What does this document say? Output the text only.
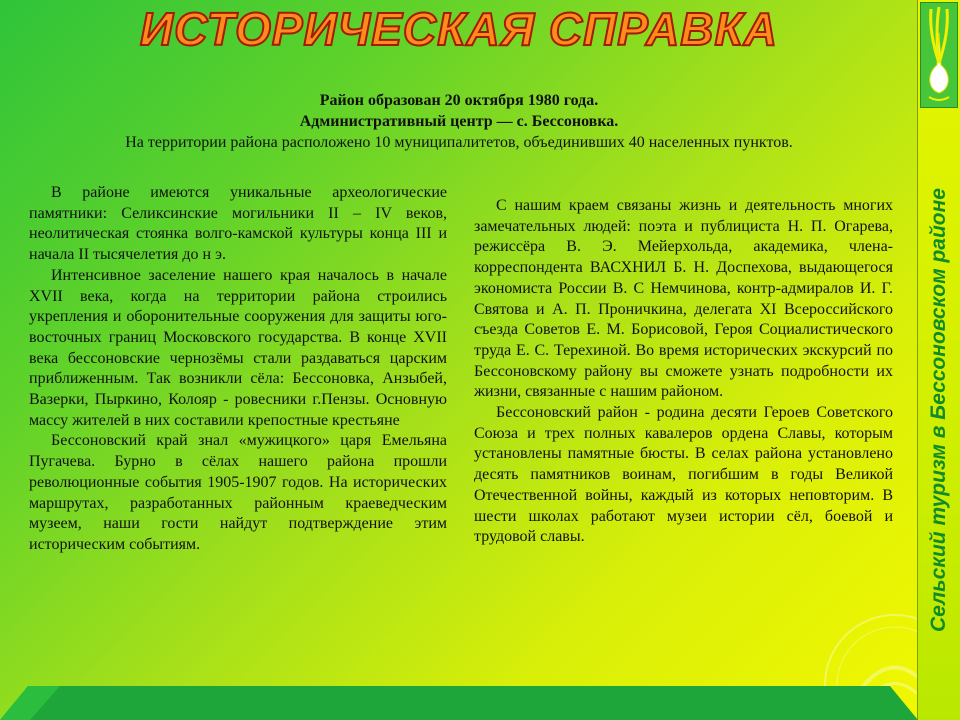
ИСТОРИЧЕСКАЯ СПРАВКА
Район образован 20 октября 1980 года.
Административный центр — с. Бессоновка.
На территории района расположено 10 муниципалитетов, объединивших 40 населенных пунктов.

В районе имеются уникальные археологические памятники: Селиксинские могильники II – IV веков, неолитическая стоянка волго-камской культуры конца III и начала II тысячелетия до н э.

Интенсивное заселение нашего края началось в начале XVII века, когда на территории района строились укрепления и оборонительные сооружения для защиты юго-восточных границ Московского государства. В конце XVII века бессоновские чернозёмы стали раздаваться царским приближенным. Так возникли сёла: Бессоновка, Анзыбей, Вазерки, Пыркино, Колояр - ровесники г.Пензы. Основную массу жителей в них составили крепостные крестьяне

Бессоновский край знал «мужицкого» царя Емельяна Пугачева. Бурно в сёлах нашего района прошли революционные события 1905-1907 годов. На исторических маршрутах, разработанных районным краеведческим музеем, наши гости найдут подтверждение этим историческим событиям.

С нашим краем связаны жизнь и деятельность многих замечательных людей: поэта и публициста Н. П. Огарева, режиссёра В. Э. Мейерхольда, академика, члена-корреспондента ВАСХНИЛ Б. Н. Доспехова, выдающегося экономиста России В. С Немчинова, контр-адмиралов И. Г. Святова и А. П. Проничкина, делегата XI Всероссийского съезда Советов Е. М. Борисовой, Героя Социалистического труда Е. С. Терехиной. Во время исторических экскурсий по Бессоновскому району вы сможете узнать подробности их жизни, связанные с нашим районом.

Бессоновский район - родина десяти Героев Советского Союза и трех полных кавалеров ордена Славы, которым установлены памятные бюсты. В селах района установлено десять памятников воинам, погибшим в годы Великой Отечественной войны, каждый из которых неповторим. В шести школах работают музеи истории сёл, боевой и трудовой славы.	Сельский туризм в Бессоновском районе
